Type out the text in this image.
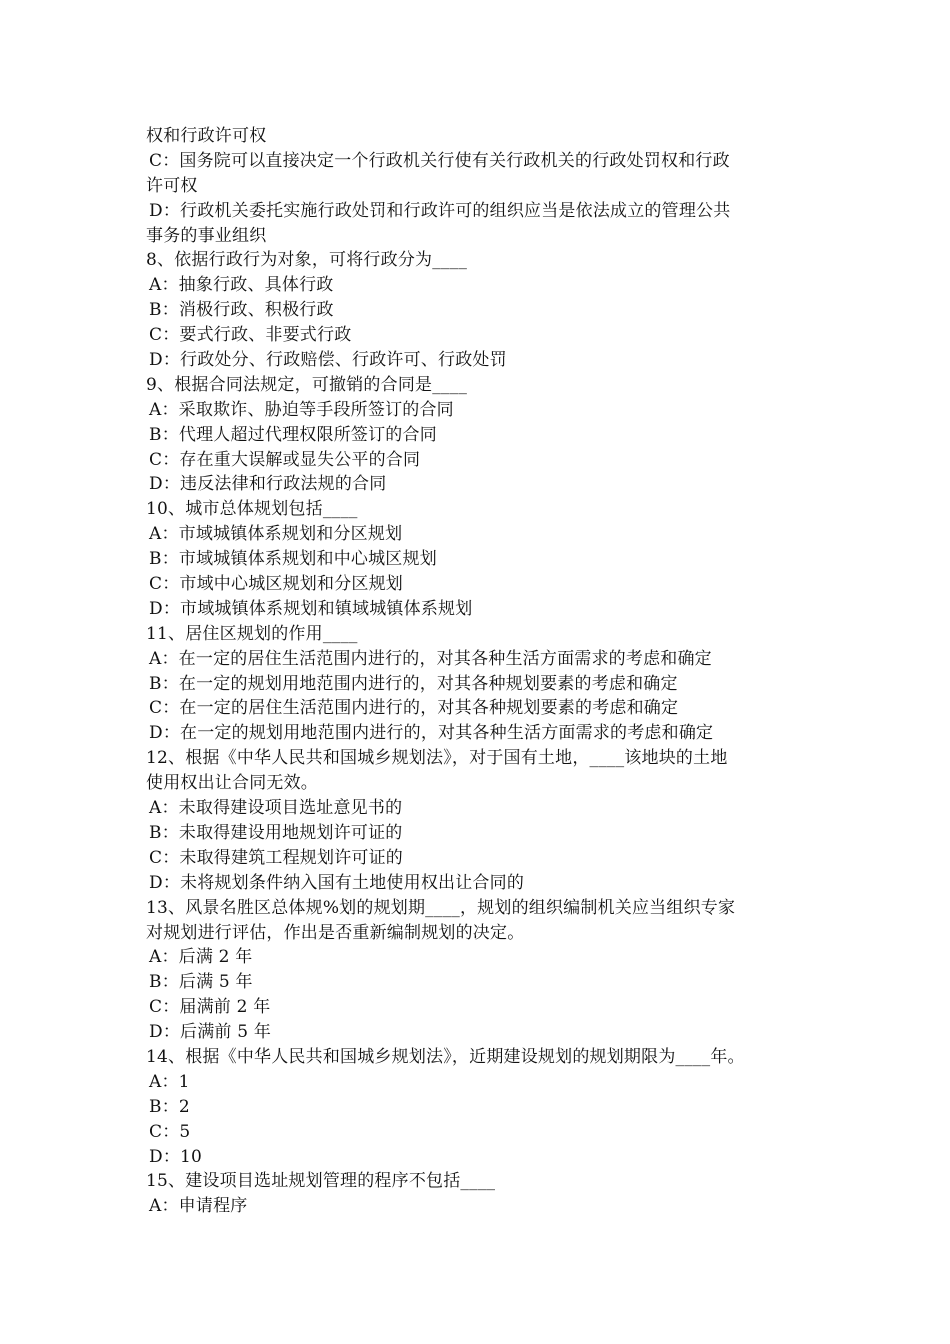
权和行政许可权
C：国务院可以直接决定一个行政机关行使有关行政机关的行政处罚权和行政
许可权
D：行政机关委托实施行政处罚和行政许可的组织应当是依法成立的管理公共
事务的事业组织
8、依据行政行为对象，可将行政分为____
A：抽象行政、具体行政
B：消极行政、积极行政
C：要式行政、非要式行政
D：行政处分、行政赔偿、行政许可、行政处罚
9、根据合同法规定，可撤销的合同是____
A：采取欺诈、胁迫等手段所签订的合同
B：代理人超过代理权限所签订的合同
C：存在重大误解或显失公平的合同
D：违反法律和行政法规的合同
10、城市总体规划包括____
A：市域城镇体系规划和分区规划
B：市域城镇体系规划和中心城区规划
C：市域中心城区规划和分区规划
D：市域城镇体系规划和镇域城镇体系规划
11、居住区规划的作用____
A：在一定的居住生活范围内进行的，对其各种生活方面需求的考虑和确定
B：在一定的规划用地范围内进行的，对其各种规划要素的考虑和确定
C：在一定的居住生活范围内进行的，对其各种规划要素的考虑和确定
D：在一定的规划用地范围内进行的，对其各种生活方面需求的考虑和确定
12、根据《中华人民共和国城乡规划法》，对于国有土地，____该地块的土地
使用权出让合同无效。
A：未取得建设项目选址意见书的
B：未取得建设用地规划许可证的
C：未取得建筑工程规划许可证的
D：未将规划条件纳入国有土地使用权出让合同的
13、风景名胜区总体规%划的规划期____，规划的组织编制机关应当组织专家
对规划进行评估，作出是否重新编制规划的决定。
A：后满 2 年
B：后满 5 年
C：届满前 2 年
D：后满前 5 年
14、根据《中华人民共和国城乡规划法》，近期建设规划的规划期限为____年。
A：1
B：2
C：5
D：10
15、建设项目选址规划管理的程序不包括____
A：申请程序
